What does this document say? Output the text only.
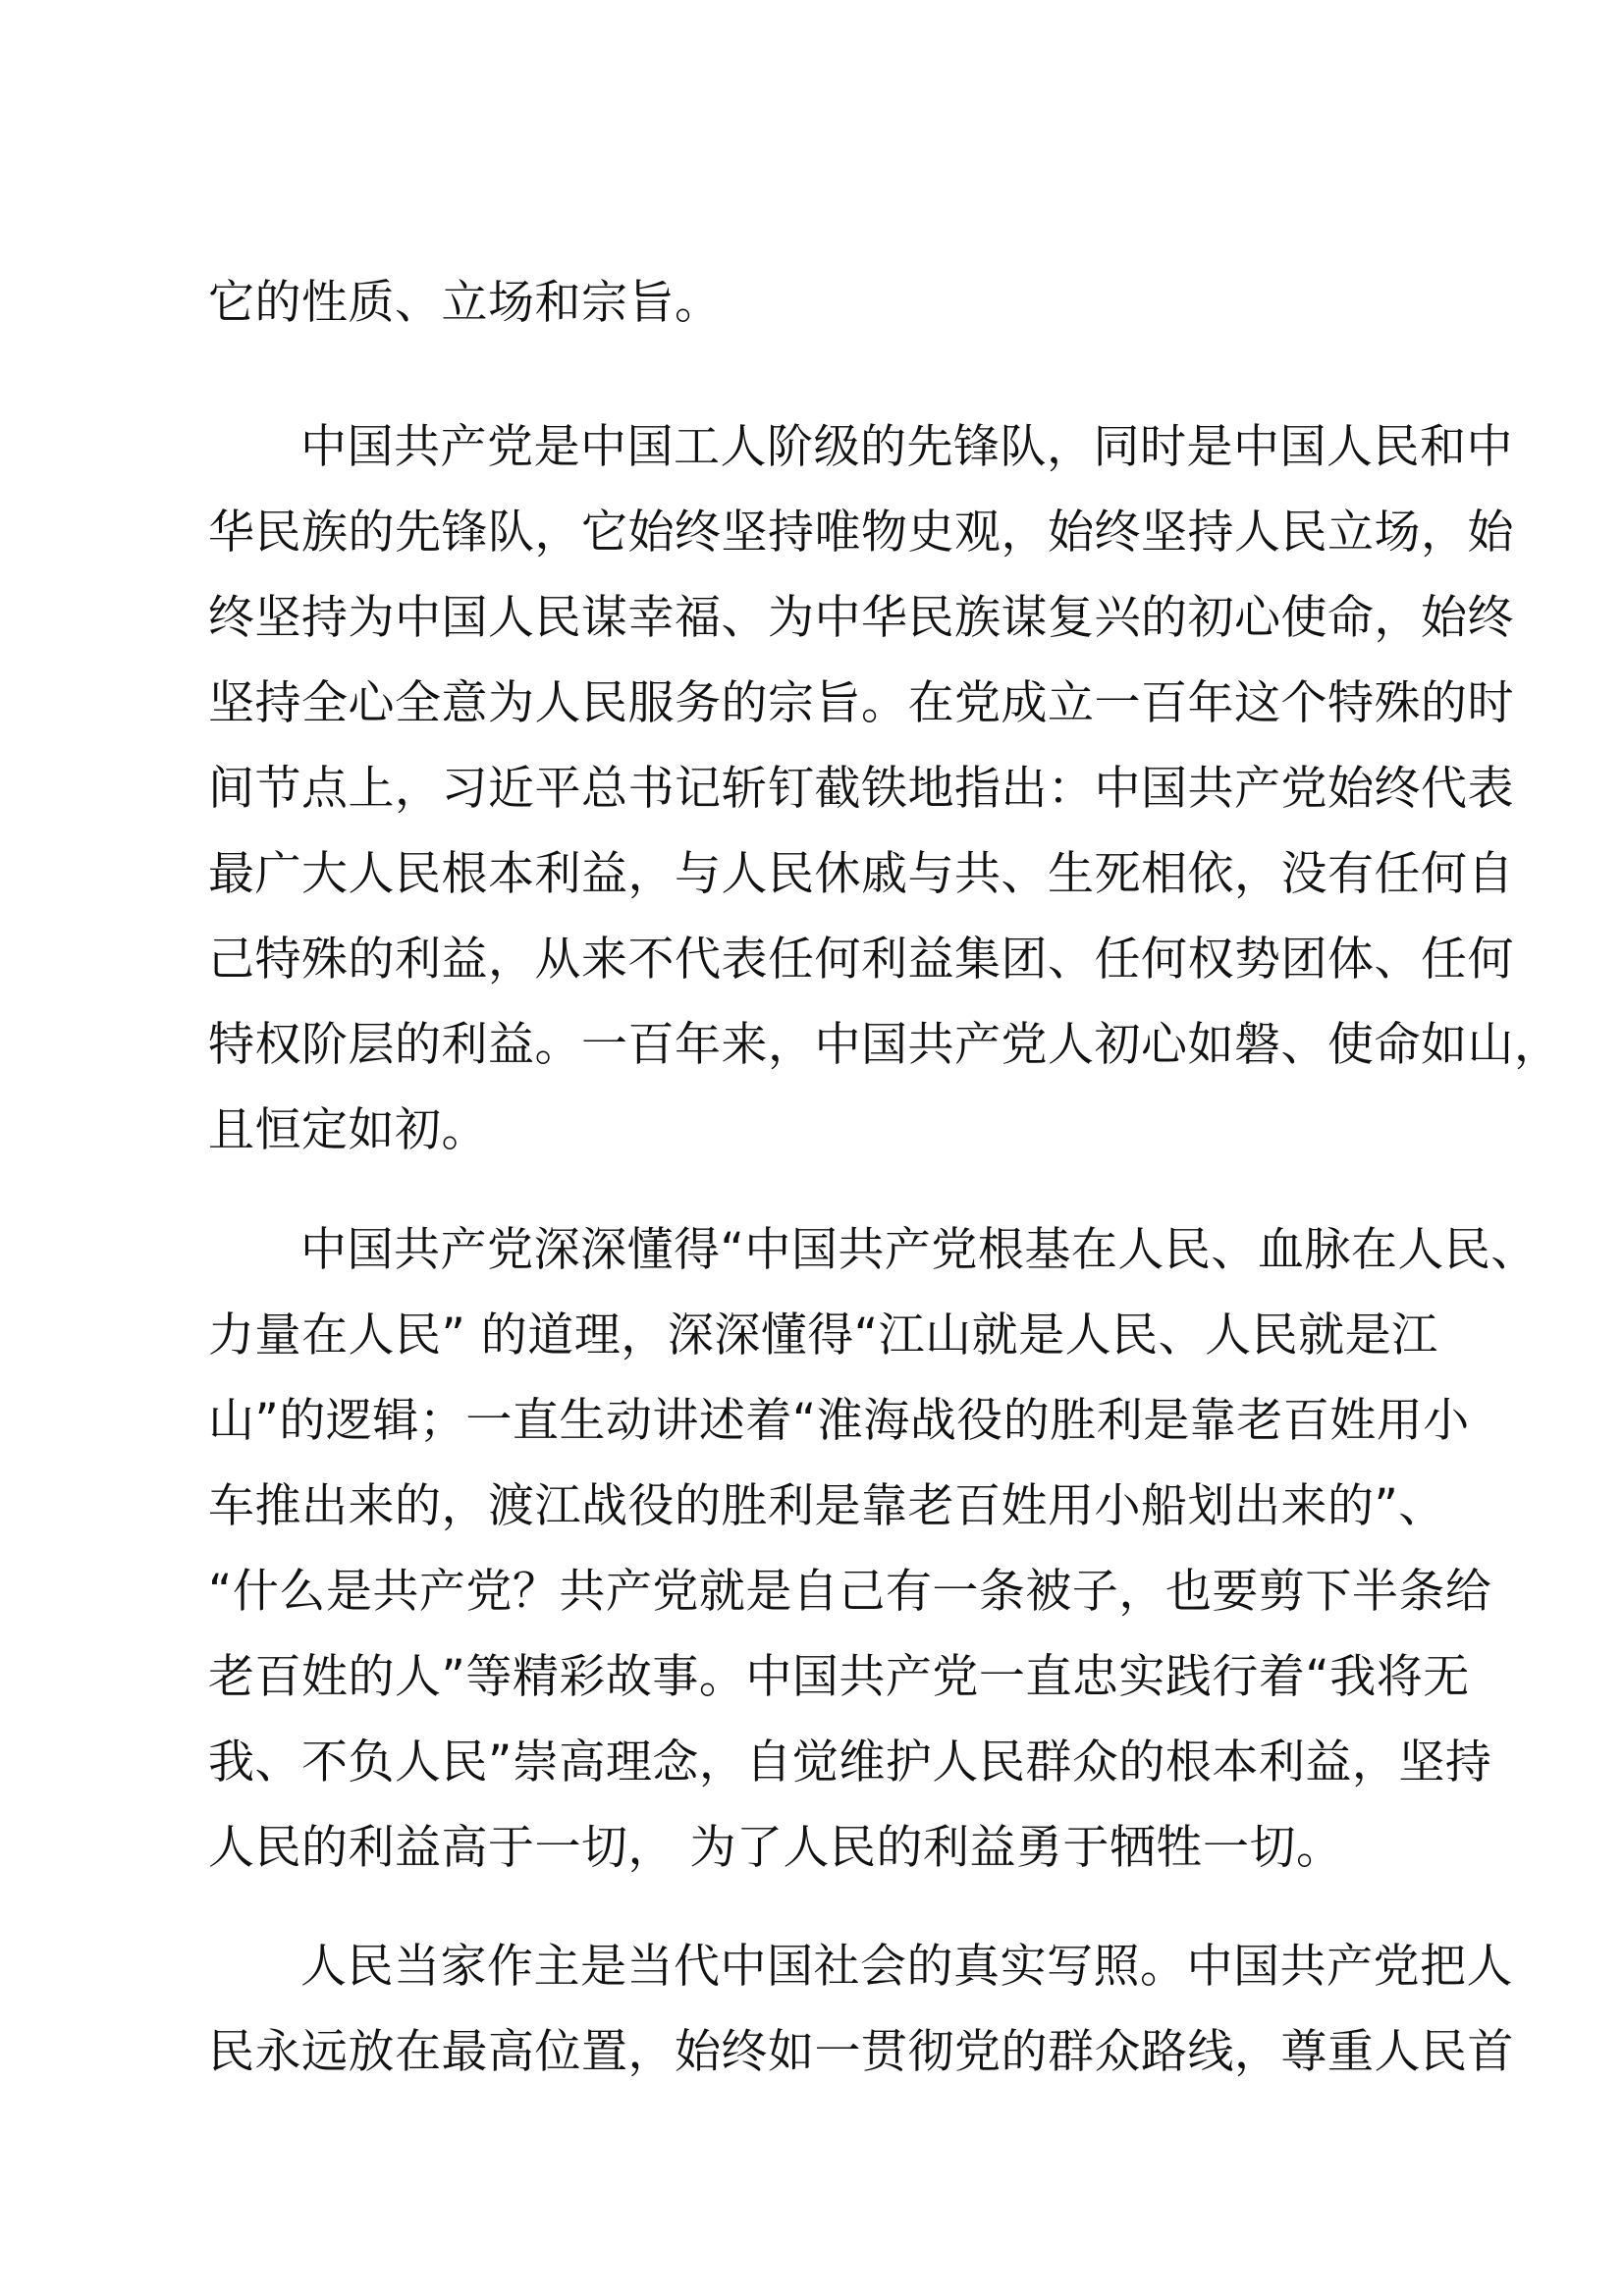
它的性质、立场和宗旨。
中国共产党是中国工人阶级的先锋队，同时是中国人民和中
华民族的先锋队，它始终坚持唯物史观，始终坚持人民立场，始
终坚持为中国人民谋幸福、为中华民族谋复兴的初心使命，始终
坚持全心全意为人民服务的宗旨。在党成立一百年这个特殊的时
间节点上，习近平总书记斩钉截铁地指出：中国共产党始终代表
最广大人民根本利益，与人民休戚与共、生死相依，没有任何自
己特殊的利益，从来不代表任何利益集团、任何权势团体、任何
特权阶层的利益。一百年来，中国共产党人初心如磐、使命如山，
且恒定如初。
中国共产党深深懂得“中国共产党根基在人民、血脉在人民、
力量在人民” 的道理，深深懂得“江山就是人民、人民就是江
山”的逻辑；一直生动讲述着“淮海战役的胜利是靠老百姓用小
车推出来的，渡江战役的胜利是靠老百姓用小船划出来的”、
“什么是共产党？共产党就是自己有一条被子，也要剪下半条给
老百姓的人”等精彩故事。中国共产党一直忠实践行着“我将无
我、不负人民”崇高理念，自觉维护人民群众的根本利益，坚持
人民的利益高于一切， 为了人民的利益勇于牺牲一切。
人民当家作主是当代中国社会的真实写照。中国共产党把人
民永远放在最高位置，始终如一贯彻党的群众路线，尊重人民首
